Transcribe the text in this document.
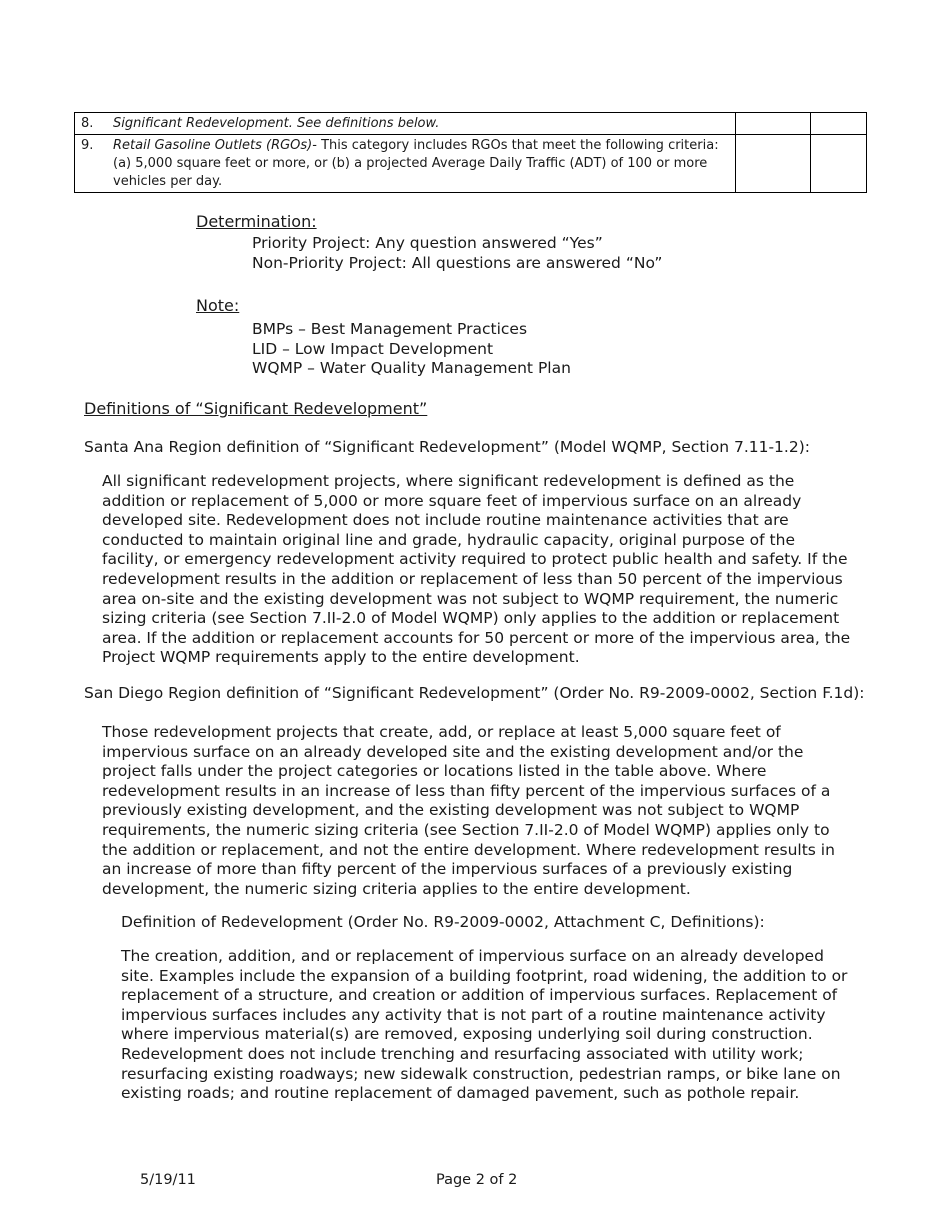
8. Significant Redevelopment. See definitions below.		

9. Retail Gasoline Outlets (RGOs)- This category includes RGOs that meet the following criteria: (a) 5,000 square feet or more, or (b) a projected Average Daily Traffic (ADT) of 100 or more vehicles per day.		

Determination:
Priority Project: Any question answered “Yes”
Non-Priority Project: All questions are answered “No”
Note:
BMPs – Best Management Practices
LID – Low Impact Development
WQMP – Water Quality Management Plan
Definitions of “Significant Redevelopment”
Santa Ana Region definition of “Significant Redevelopment” (Model WQMP, Section 7.11-1.2):
All significant redevelopment projects, where significant redevelopment is defined as the addition or replacement of 5,000 or more square feet of impervious surface on an already developed site. Redevelopment does not include routine maintenance activities that are conducted to maintain original line and grade, hydraulic capacity, original purpose of the facility, or emergency redevelopment activity required to protect public health and safety. If the redevelopment results in the addition or replacement of less than 50 percent of the impervious area on-site and the existing development was not subject to WQMP requirement, the numeric sizing criteria (see Section 7.II-2.0 of Model WQMP) only applies to the addition or replacement area. If the addition or replacement accounts for 50 percent or more of the impervious area, the Project WQMP requirements apply to the entire development.
San Diego Region definition of “Significant Redevelopment” (Order No. R9-2009-0002, Section F.1d):
Those redevelopment projects that create, add, or replace at least 5,000 square feet of impervious surface on an already developed site and the existing development and/or the project falls under the project categories or locations listed in the table above. Where redevelopment results in an increase of less than fifty percent of the impervious surfaces of a previously existing development, and the existing development was not subject to WQMP requirements, the numeric sizing criteria (see Section 7.II-2.0 of Model WQMP) applies only to the addition or replacement, and not the entire development. Where redevelopment results in an increase of more than fifty percent of the impervious surfaces of a previously existing development, the numeric sizing criteria applies to the entire development.
Definition of Redevelopment (Order No. R9-2009-0002, Attachment C, Definitions):
The creation, addition, and or replacement of impervious surface on an already developed site. Examples include the expansion of a building footprint, road widening, the addition to or replacement of a structure, and creation or addition of impervious surfaces. Replacement of impervious surfaces includes any activity that is not part of a routine maintenance activity where impervious material(s) are removed, exposing underlying soil during construction. Redevelopment does not include trenching and resurfacing associated with utility work; resurfacing existing roadways; new sidewalk construction, pedestrian ramps, or bike lane on existing roads; and routine replacement of damaged pavement, such as pothole repair.
5/19/11	Page 2 of 2
